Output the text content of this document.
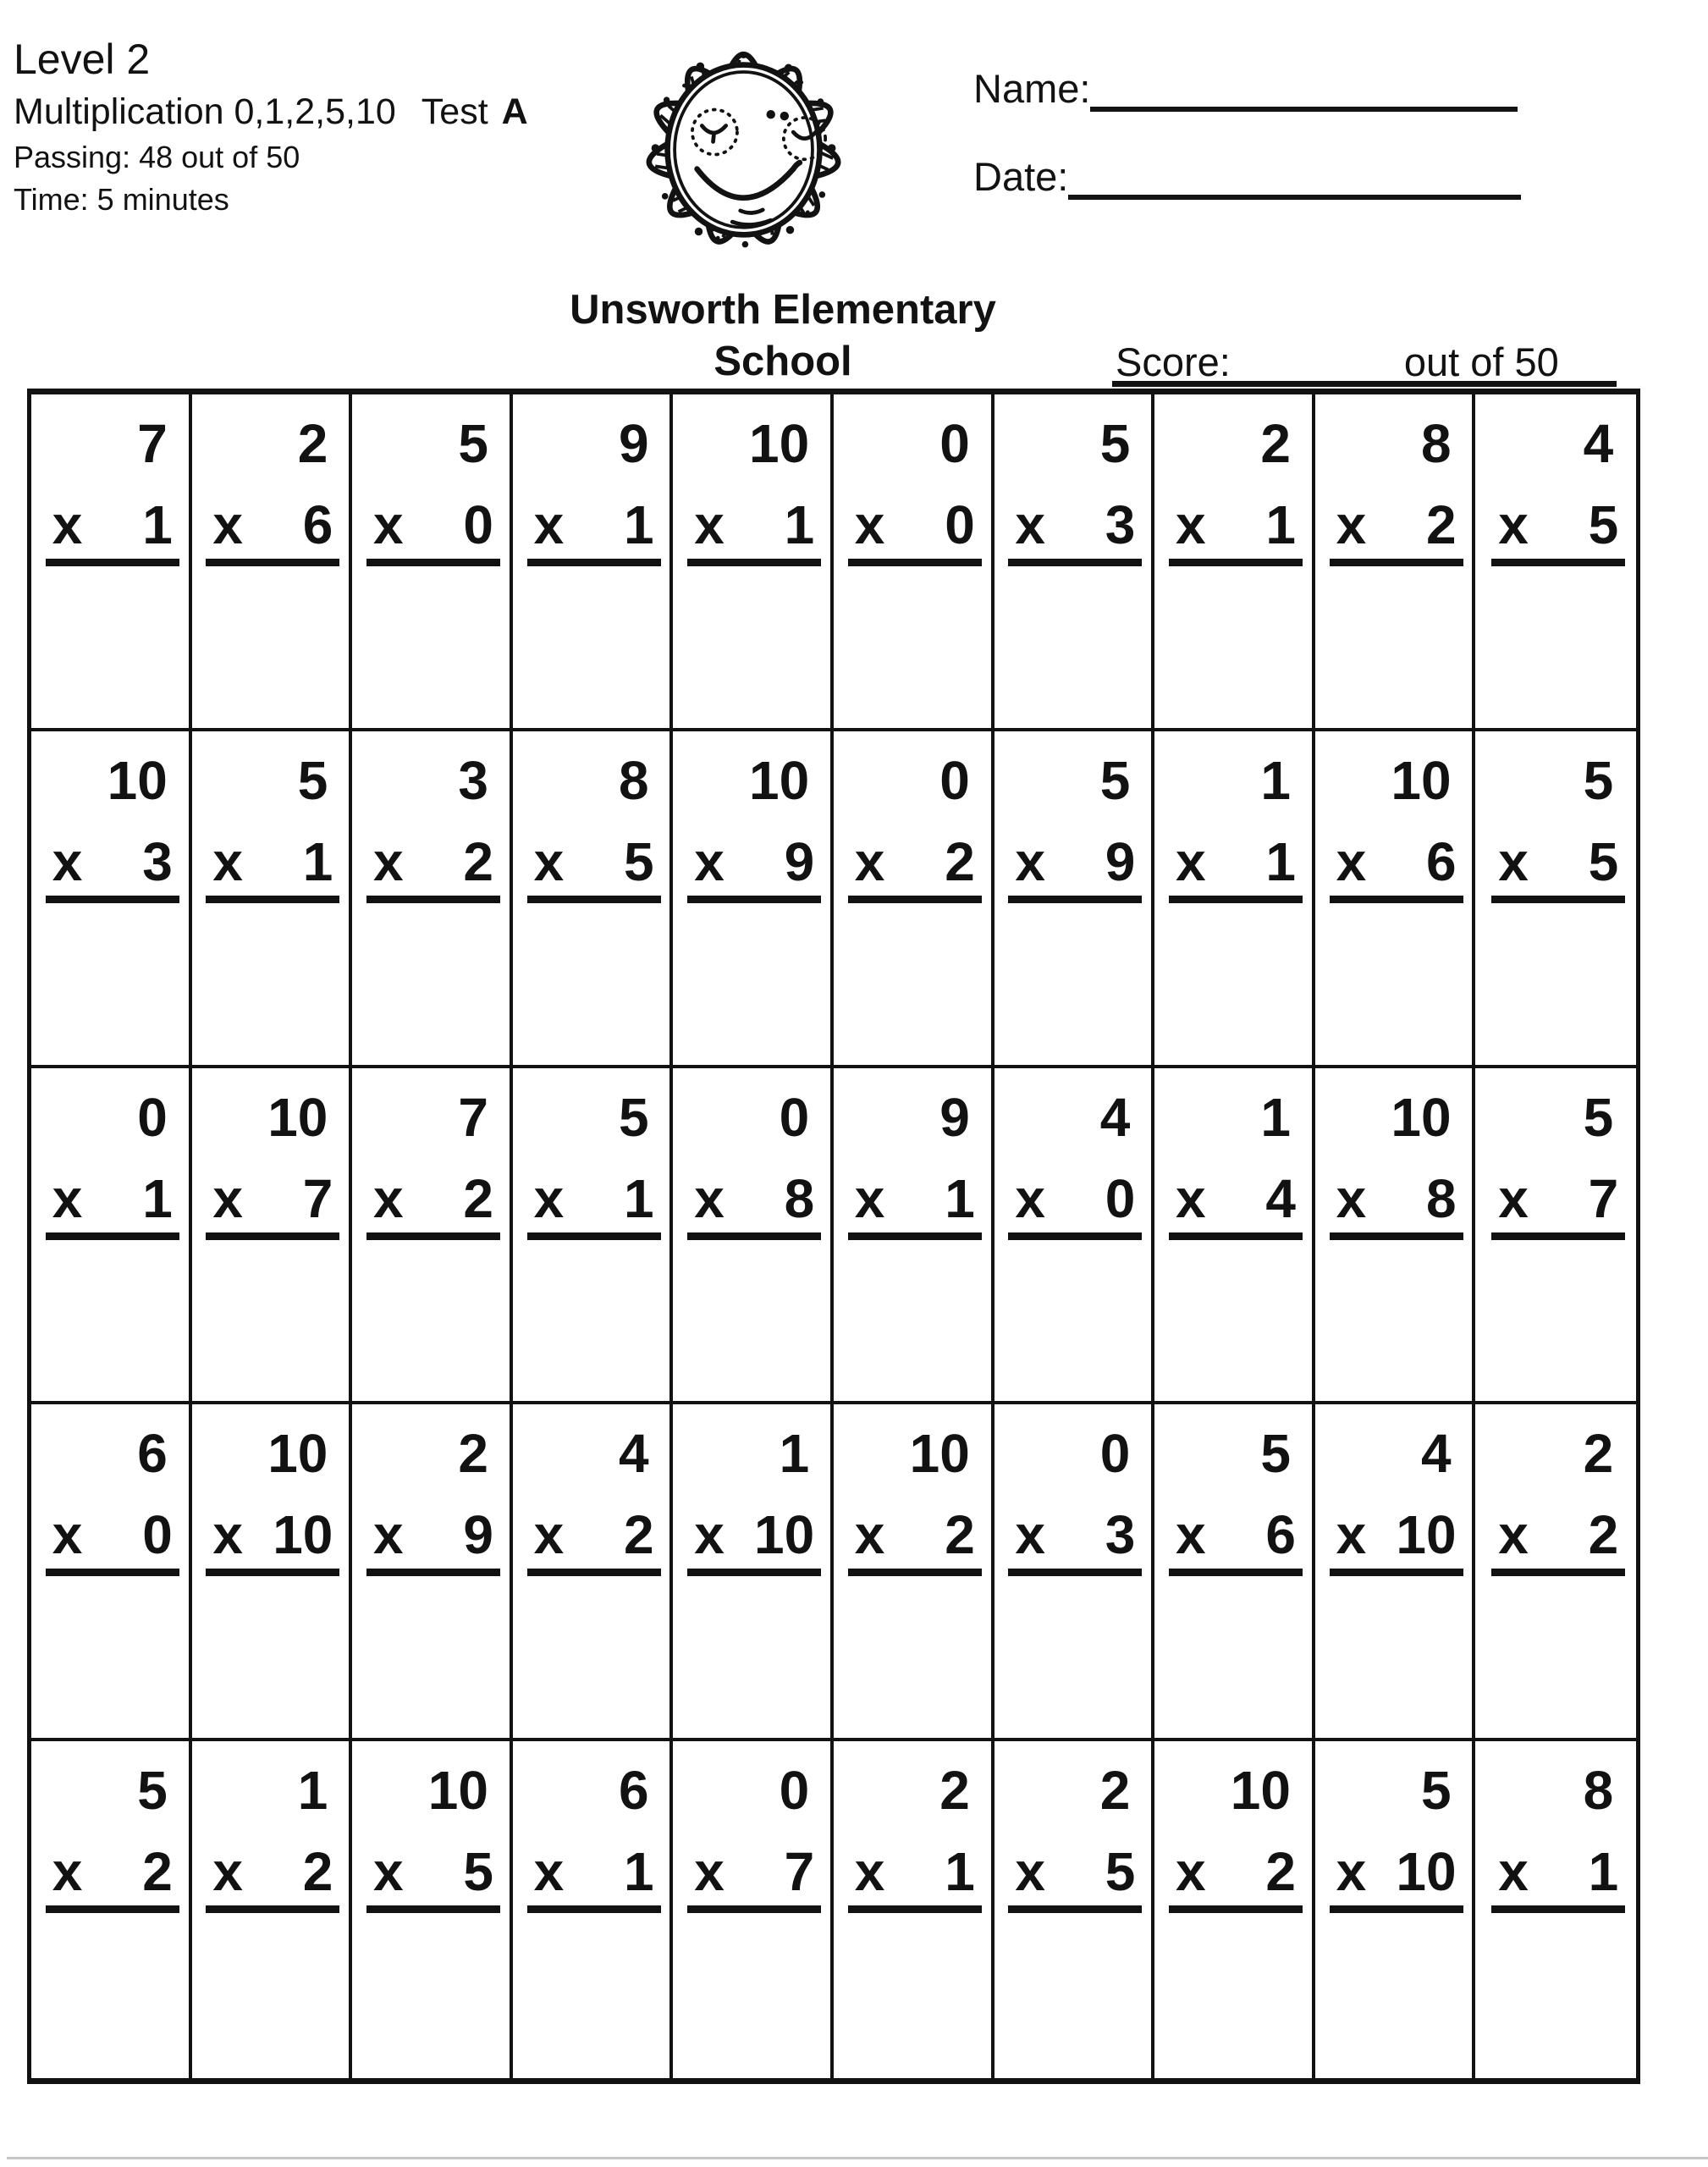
Level 2
Multiplication 0,1,2,5,10 Test A
Passing: 48 out of 50
Time: 5 minutes
Name:
Date:
Unsworth Elementary
School	Score:	out of 50
7
x 1
2
x 6
5
x 0
9
x 1
10
x 1
0
x 0
5
x 3
2
x 1
8
x 2
4
x 5
10
x 3
5
x 1
3
x 2
8
x 5
10
x 9
0
x 2
5
x 9
1
x 1
10
x 6
5
x 5
0
x 1
10
x 7
7
x 2
5
x 1
0
x 8
9
x 1
4
x 0
1
x 4
10
x 8
5
x 7
6
x 0
10
x 10
2
x 9
4
x 2
1
x 10
10
x 2
0
x 3
5
x 6
4
x 10
2
x 2
5
x 2
1
x 2
10
x 5
6
x 1
0
x 7
2
x 1
2
x 5
10
x 2
5
x 10
8
x 1
